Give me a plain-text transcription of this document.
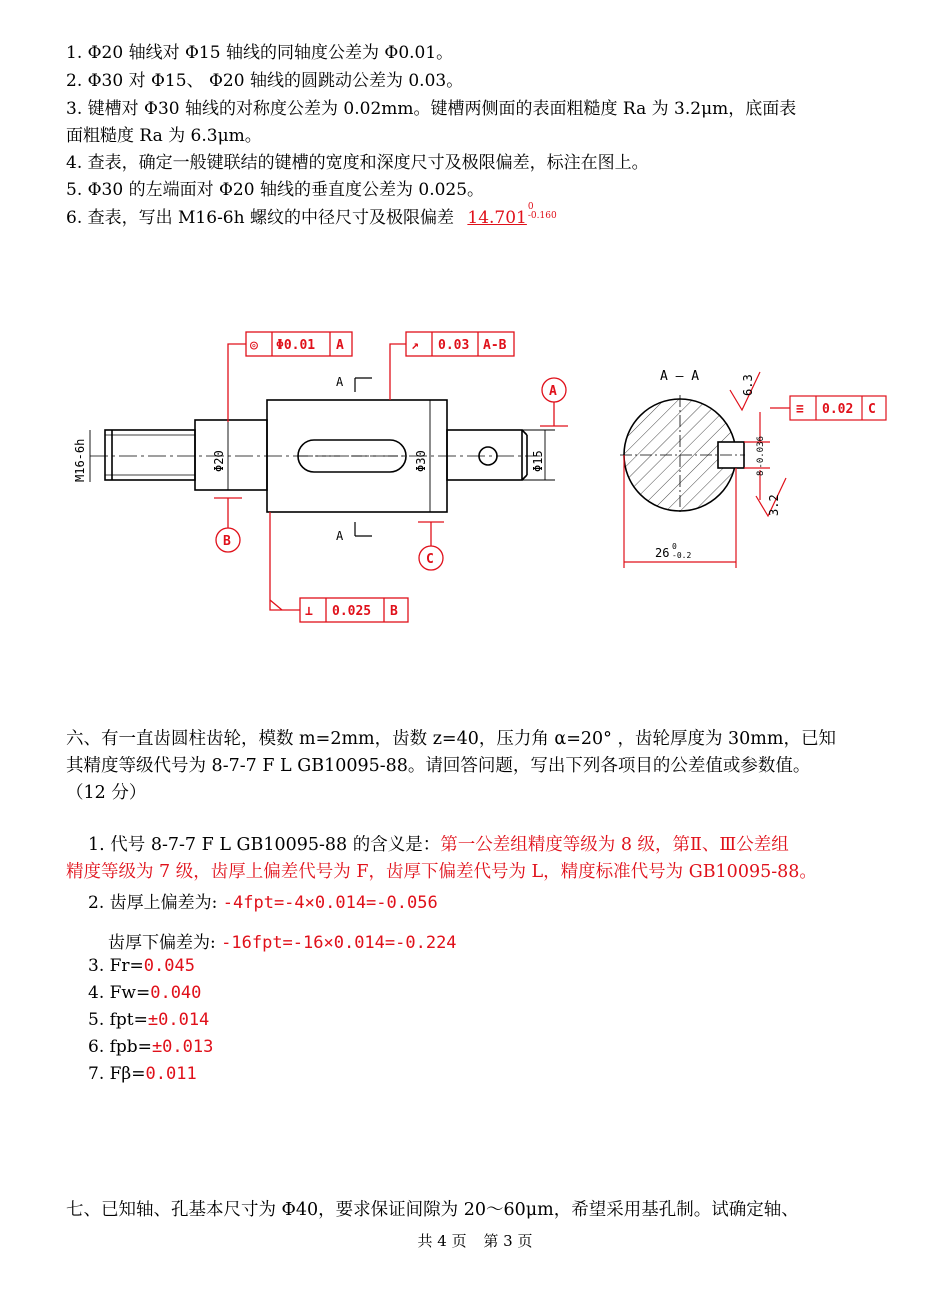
1. Φ20 轴线对 Φ15 轴线的同轴度公差为 Φ0.01。
2. Φ30 对 Φ15、 Φ20 轴线的圆跳动公差为 0.03。
3. 键槽对 Φ30 轴线的对称度公差为 0.02mm。键槽两侧面的表面粗糙度 Ra 为 3.2μm，底面表
面粗糙度 Ra 为 6.3μm。
4. 查表，确定一般键联结的键槽的宽度和深度尺寸及极限偏差，标注在图上。
5. Φ30 的左端面对 Φ20 轴线的垂直度公差为 0.025。
6. 查表，写出 M16-6h 螺纹的中径尺寸及极限偏差 14.701
0
-0.160
M16-6h	Φ20	Φ30	Φ15
A
A
◎ Φ0.01 A	↗ 0.03 A-B
A
B
C
⊥ 0.025 B
A — A
≡ 0.02 C
26 0
-0.2
8-0.036
6.3
3.2
六、有一直齿圆柱齿轮，模数 m=2mm，齿数 z=40，压力角 α=20° ，齿轮厚度为 30mm，已知
其精度等级代号为 8-7-7 F L GB10095-88。请回答问题，写出下列各项目的公差值或参数值。
（12 分）
1. 代号 8-7-7 F L GB10095-88 的含义是：第一公差组精度等级为 8 级，第Ⅱ、Ⅲ公差组
精度等级为 7 级，齿厚上偏差代号为 F，齿厚下偏差代号为 L，精度标准代号为 GB10095-88。
2. 齿厚上偏差为: -4fpt=-4×0.014=-0.056
齿厚下偏差为: -16fpt=-16×0.014=-0.224
3. Fr=0.045
4. Fw=0.040
5. fpt=±0.014
6. fpb=±0.013
7. Fβ=0.011
七、已知轴、孔基本尺寸为 Φ40，要求保证间隙为 20～60μm，希望采用基孔制。试确定轴、
共 4 页 第 3 页
